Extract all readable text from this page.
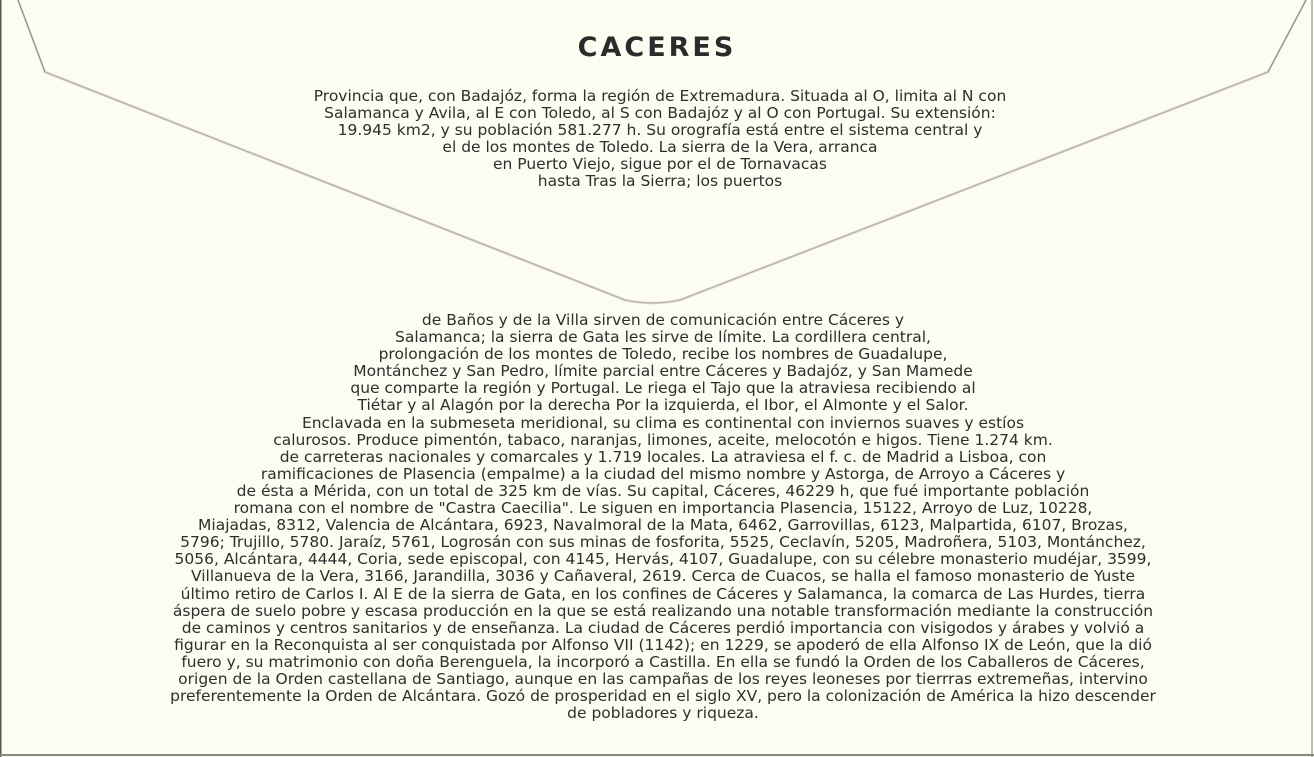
CACERES
Provincia que, con Badajóz, forma la región de Extremadura. Situada al O, limita al N con
Salamanca y Avila, al E con Toledo, al S con Badajóz y al O con Portugal. Su extensión:
19.945 km2, y su población 581.277 h. Su orografía está entre el sistema central y
el de los montes de Toledo. La sierra de la Vera, arranca
en Puerto Viejo, sigue por el de Tornavacas
hasta Tras la Sierra; los puertos
de Baños y de la Villa sirven de comunicación entre Cáceres y
Salamanca; la sierra de Gata les sirve de límite. La cordillera central,
prolongación de los montes de Toledo, recibe los nombres de Guadalupe,
Montánchez y San Pedro, límite parcial entre Cáceres y Badajóz, y San Mamede
que comparte la región y Portugal. Le riega el Tajo que la atraviesa recibiendo al
Tiétar y al Alagón por la derecha Por la izquierda, el Ibor, el Almonte y el Salor.
Enclavada en la submeseta meridional, su clima es continental con inviernos suaves y estíos
calurosos. Produce pimentón, tabaco, naranjas, limones, aceite, melocotón e higos. Tiene 1.274 km.
de carreteras nacionales y comarcales y 1.719 locales. La atraviesa el f. c. de Madrid a Lisboa, con
ramificaciones de Plasencia (empalme) a la ciudad del mismo nombre y Astorga, de Arroyo a Cáceres y
de ésta a Mérida, con un total de 325 km de vías. Su capital, Cáceres, 46229 h, que fué importante población
romana con el nombre de "Castra Caecilia". Le siguen en importancia Plasencia, 15122, Arroyo de Luz, 10228,
Miajadas, 8312, Valencia de Alcántara, 6923, Navalmoral de la Mata, 6462, Garrovillas, 6123, Malpartida, 6107, Brozas,
5796; Trujillo, 5780. Jaraíz, 5761, Logrosán con sus minas de fosforita, 5525, Ceclavín, 5205, Madroñera, 5103, Montánchez,
5056, Alcántara, 4444, Coria, sede episcopal, con 4145, Hervás, 4107, Guadalupe, con su célebre monasterio mudéjar, 3599,
Villanueva de la Vera, 3166, Jarandilla, 3036 y Cañaveral, 2619. Cerca de Cuacos, se halla el famoso monasterio de Yuste
último retiro de Carlos I. Al E de la sierra de Gata, en los confines de Cáceres y Salamanca, la comarca de Las Hurdes, tierra
áspera de suelo pobre y escasa producción en la que se está realizando una notable transformación mediante la construcción
de caminos y centros sanitarios y de enseñanza. La ciudad de Cáceres perdió importancia con visigodos y árabes y volvió a
figurar en la Reconquista al ser conquistada por Alfonso VII (1142); en 1229, se apoderó de ella Alfonso IX de León, que la dió
fuero y, su matrimonio con doña Berenguela, la incorporó a Castilla. En ella se fundó la Orden de los Caballeros de Cáceres,
origen de la Orden castellana de Santiago, aunque en las campañas de los reyes leoneses por tierrras extremeñas, intervino
preferentemente la Orden de Alcántara. Gozó de prosperidad en el siglo XV, pero la colonización de América la hizo descender
de pobladores y riqueza.
